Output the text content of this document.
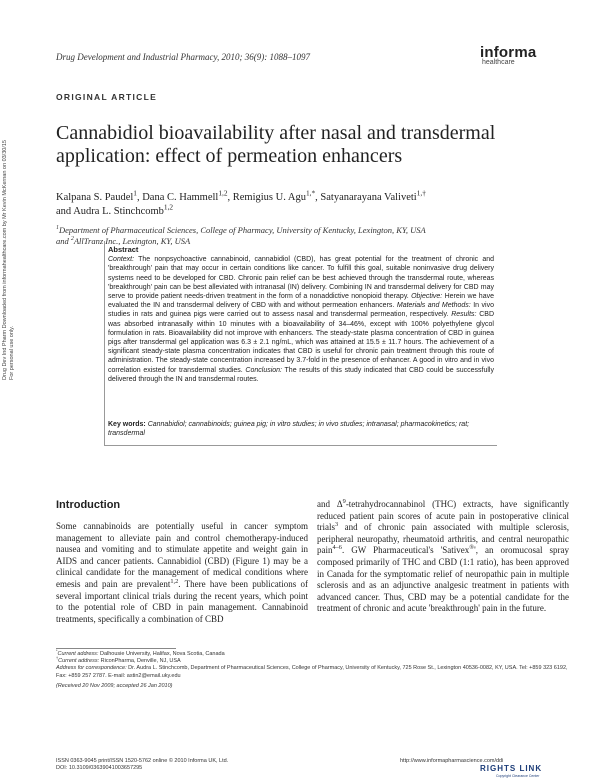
Drug Development and Industrial Pharmacy, 2010; 36(9): 1088–1097	informa
healthcare
ORIGINAL ARTICLE
Cannabidiol bioavailability after nasal and transdermal application: effect of permeation enhancers
Kalpana S. Paudel$^1$, Dana C. Hammell$^{1,2}$, Remigius U. Agu$^{1,*}$, Satyanarayana Valiveti$^{1,\dagger}$
and Audra L. Stinchcomb$^{1,2}$
$^1$Department of Pharmaceutical Sciences, College of Pharmacy, University of Kentucky, Lexington, KY, USA
and $^2$AllTranz Inc., Lexington, KY, USA
Drug Dev Ind Pharm Downloaded from informahealthcare.com by Mr Kevin McKernan on 03/30/15 For personal use only.
Abstract
Context: The nonpsychoactive cannabinoid, cannabidiol (CBD), has great potential for the treatment of chronic and 'breakthrough' pain that may occur in certain conditions like cancer. To fulfill this goal, suitable noninvasive drug delivery systems need to be developed for CBD. Chronic pain relief can be best achieved through the transdermal route, whereas 'breakthrough' pain can be best alleviated with intranasal (IN) delivery. Combining IN and transdermal delivery for CBD may serve to provide patient needs-driven treatment in the form of a nonaddictive nonopioid therapy. Objective: Herein we have evaluated the IN and transdermal delivery of CBD with and without permeation enhancers. Materials and Methods: In vivo studies in rats and guinea pigs were carried out to assess nasal and transdermal permeation, respectively. Results: CBD was absorbed intranasally within 10 minutes with a bioavailability of 34–46%, except with 100% polyethylene glycol formulation in rats. Bioavailability did not improve with enhancers. The steady-state plasma concentration of CBD in guinea pigs after transdermal gel application was 6.3 ± 2.1 ng/mL, which was attained at 15.5 ± 11.7 hours. The achievement of a significant steady-state plasma concentration indicates that CBD is useful for chronic pain treatment through this route of administration. The steady-state concentration increased by 3.7-fold in the presence of enhancer. A good in vitro and in vivo correlation existed for transdermal studies. Conclusion: The results of this study indicated that CBD could be successfully delivered through the IN and transdermal routes.
Key words: Cannabidiol; cannabinoids; guinea pig; in vitro studies; in vivo studies; intranasal; pharmacokinetics; rat; transdermal
Introduction
Some cannabinoids are potentially useful in cancer symptom management to alleviate pain and control chemotherapy-induced nausea and vomiting and to stimulate appetite and weight gain in AIDS and cancer patients. Cannabidiol (CBD) (Figure 1) may be a clinical candidate for the management of medical conditions where emesis and pain are prevalent$^{1,2}$. There have been publications of several important clinical trials during the recent years, which point to the potential role of CBD in pain management. Cannabinoid treatments, specifically a combination of CBD
and $\Delta^9$-tetrahydrocannabinol (THC) extracts, have significantly reduced patient pain scores of acute pain in postoperative clinical trials$^3$ and of chronic pain associated with multiple sclerosis, peripheral neuropathy, rheumatoid arthritis, and central neuropathic pain$^{4-6}$. GW Pharmaceutical's 'Sativex®', an oromucosal spray composed primarily of THC and CBD (1:1 ratio), has been approved in Canada for the symptomatic relief of neuropathic pain in multiple sclerosis and as an adjunctive analgesic treatment in patients with advanced cancer. Thus, CBD may be a potential candidate for the treatment of chronic and acute 'breakthrough' pain in the future.
*Current address: Dalhousie University, Halifax, Nova Scotia, Canada
†Current address: RiconPharma, Denville, NJ, USA
Address for correspondence: Dr. Audra L. Stinchcomb, Department of Pharmaceutical Sciences, College of Pharmacy, University of Kentucky, 725 Rose St., Lexington 40536-0082, KY, USA. Tel: +859 323 6192, Fax: +859 257 2787. E-mail: astin2@email.uky.edu
(Received 20 Nov 2009; accepted 26 Jan 2010)
ISSN 0363-9045 print/ISSN 1520-5762 online © 2010 Informa UK, Ltd.
DOI: 10.3109/03639041003657295
http://www.informapharmascience.com/ddi
RIGHTS LINK
Copyright Clearance Center
